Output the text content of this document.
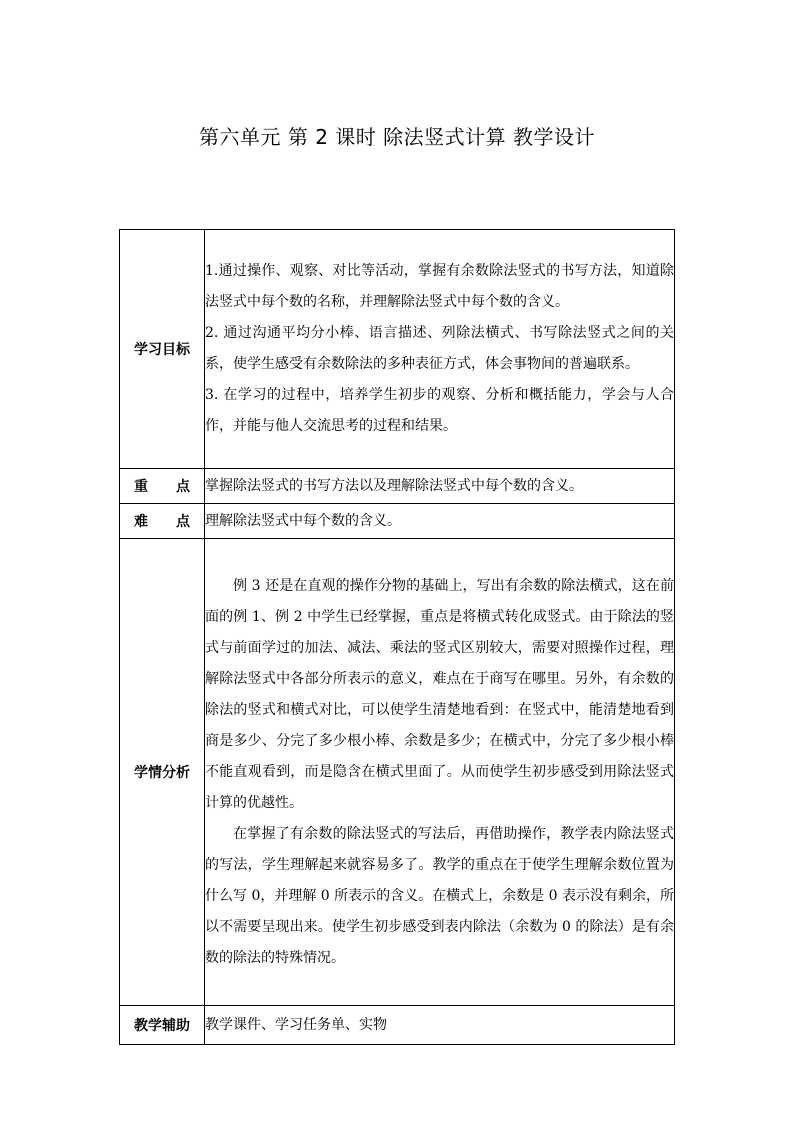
第六单元 第 2 课时 除法竖式计算 教学设计
学习目标	1.通过操作、观察、对比等活动，掌握有余数除法竖式的书写方法，知道除法竖式中每个数的名称，并理解除法竖式中每个数的含义。

2. 通过沟通平均分小棒、语言描述、列除法横式、书写除法竖式之间的关系，使学生感受有余数除法的多种表征方式，体会事物间的普遍联系。

3. 在学习的过程中，培养学生初步的观察、分析和概括能力，学会与人合作，并能与他人交流思考的过程和结果。

重 点	掌握除法竖式的书写方法以及理解除法竖式中每个数的含义。

难 点	理解除法竖式中每个数的含义。
学情分析	例 3 还是在直观的操作分物的基础上，写出有余数的除法横式，这在前面的例 1、例 2 中学生已经掌握，重点是将横式转化成竖式。由于除法的竖式与前面学过的加法、减法、乘法的竖式区别较大，需要对照操作过程，理解除法竖式中各部分所表示的意义，难点在于商写在哪里。另外，有余数的除法的竖式和横式对比，可以使学生清楚地看到：在竖式中，能清楚地看到商是多少、分完了多少根小棒、余数是多少；在横式中，分完了多少根小棒不能直观看到，而是隐含在横式里面了。从而使学生初步感受到用除法竖式计算的优越性。

在掌握了有余数的除法竖式的写法后，再借助操作，教学表内除法竖式的写法，学生理解起来就容易多了。教学的重点在于使学生理解余数位置为什么写 0，并理解 0 所表示的含义。在横式上，余数是 0 表示没有剩余，所以不需要呈现出来。使学生初步感受到表内除法（余数为 0 的除法）是有余数的除法的特殊情况。

教学辅助	教学课件、学习任务单、实物
